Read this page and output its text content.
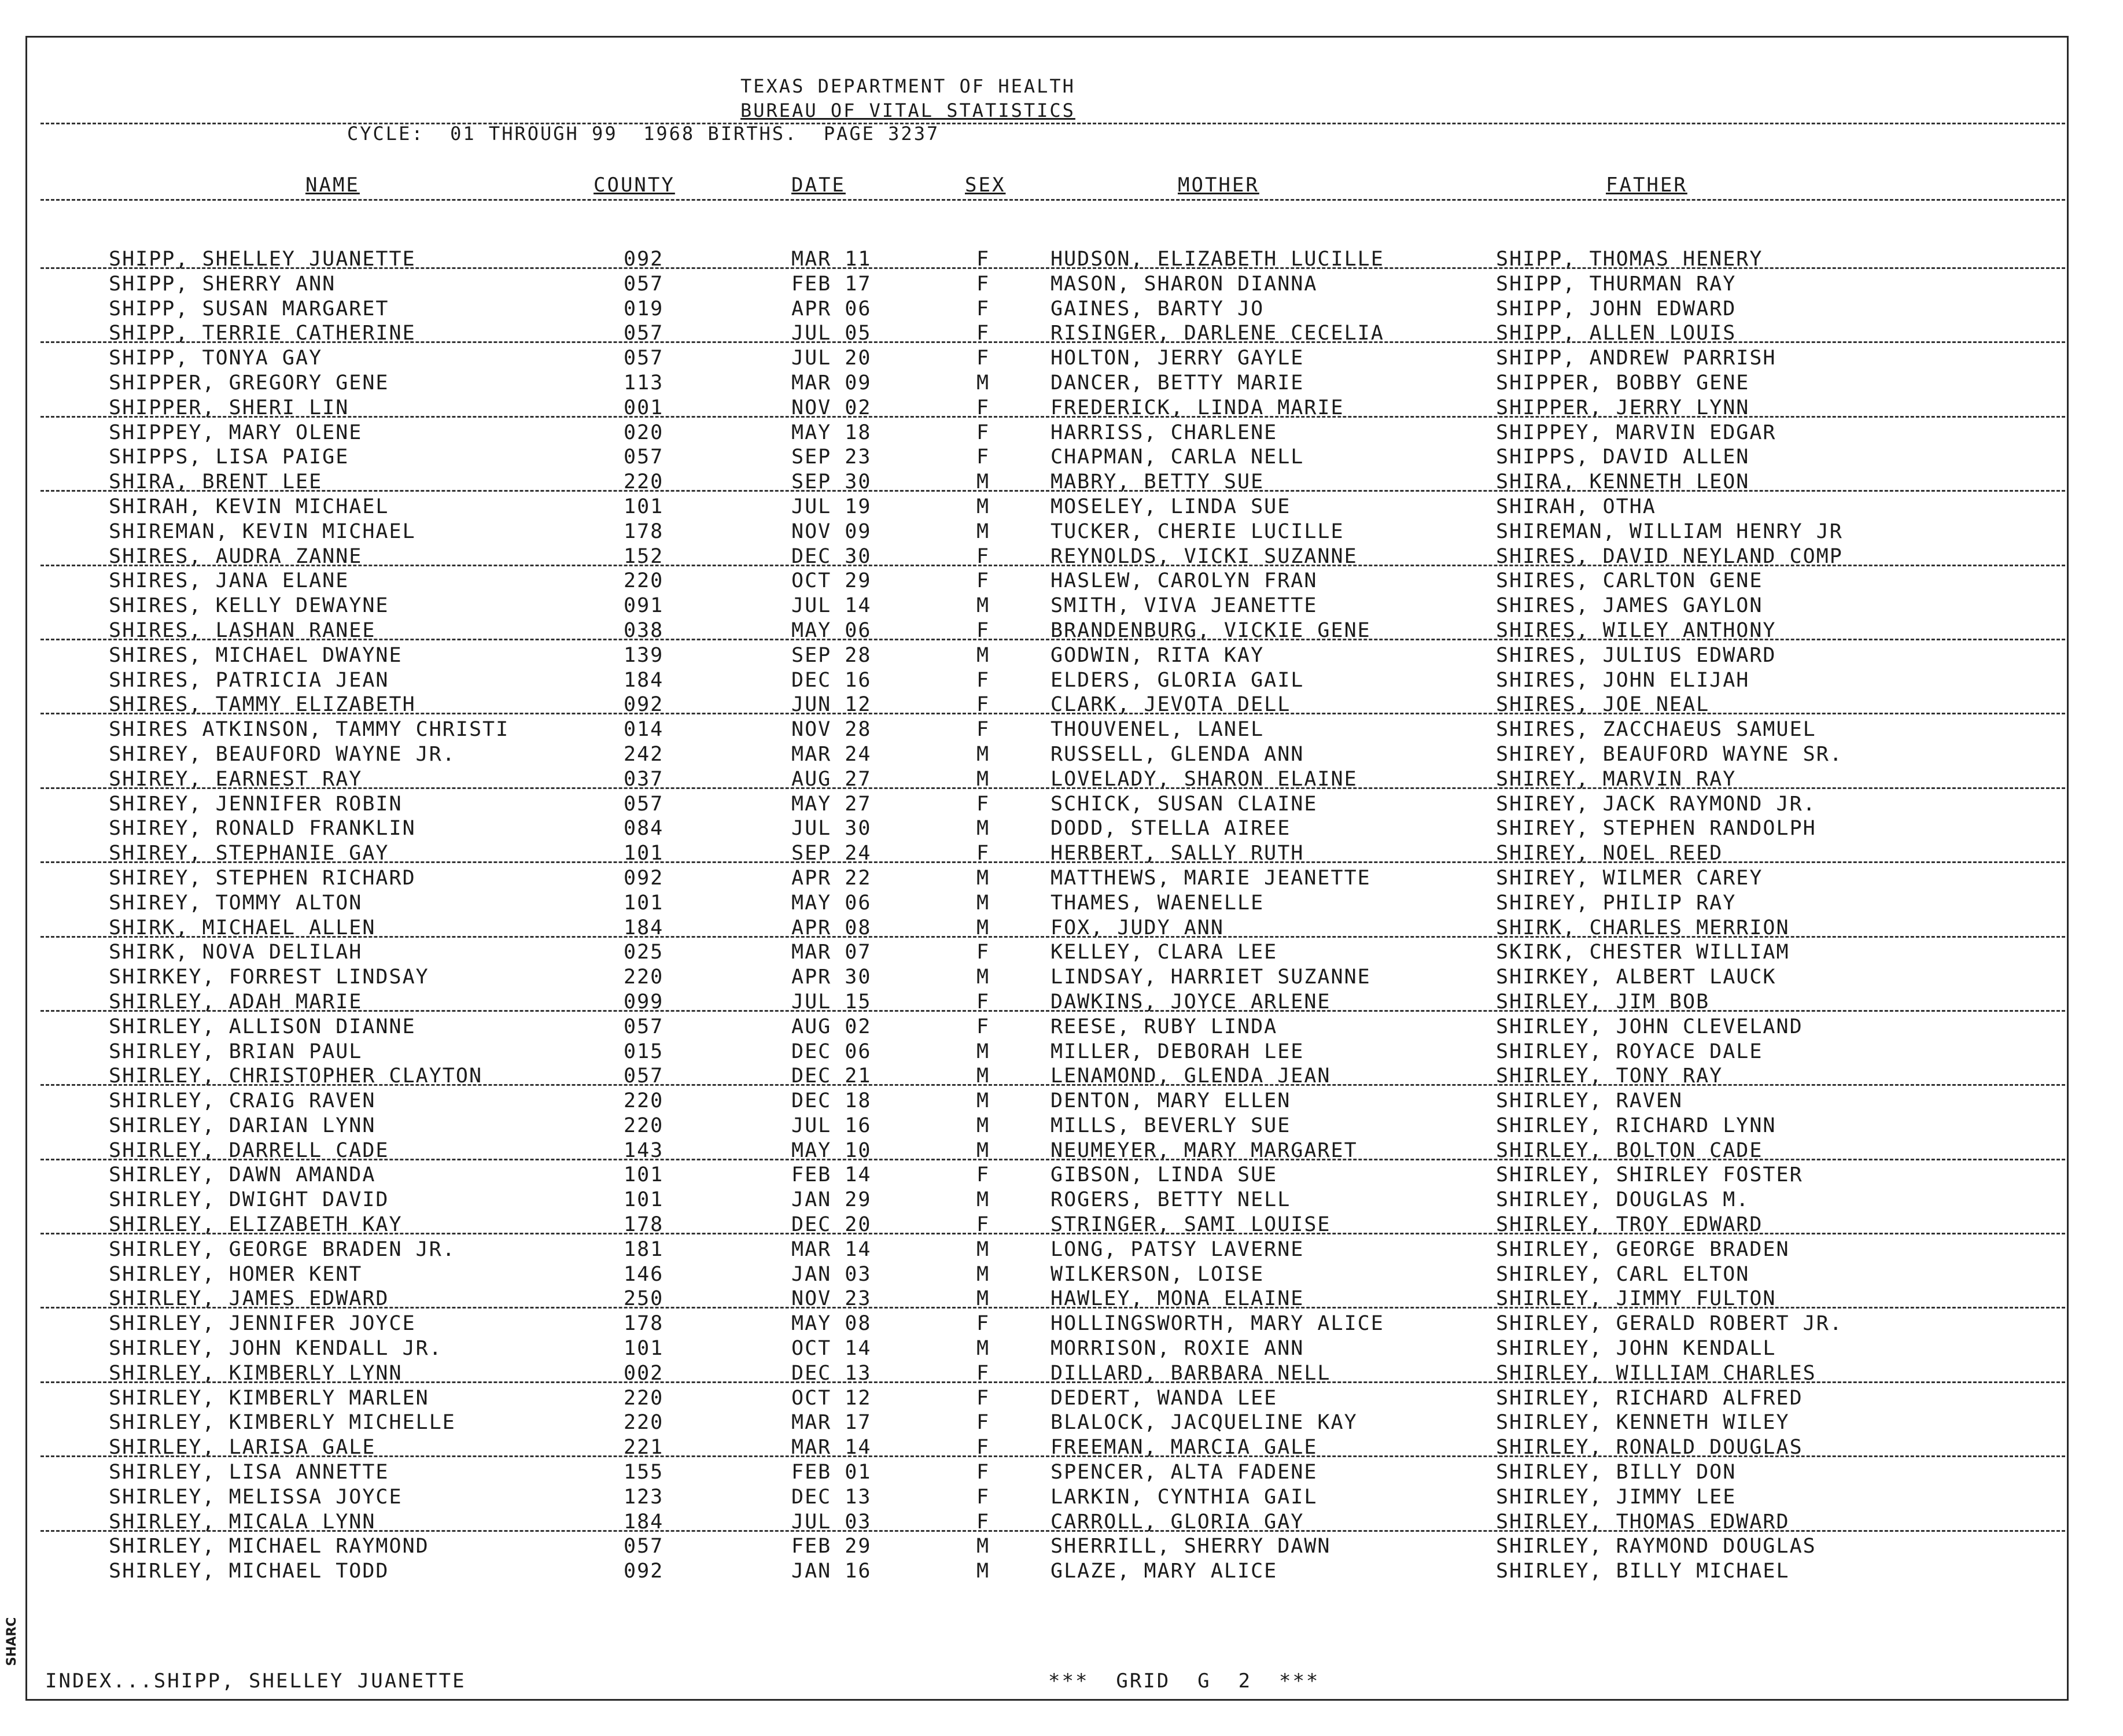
TEXAS DEPARTMENT OF HEALTH
BUREAU OF VITAL STATISTICS
CYCLE:  01 THROUGH 99  1968 BIRTHS.  PAGE 3237
NAME	COUNTY	DATE	SEX	MOTHER	FATHER
SHIPP, SHELLEY JUANETTE	092	MAR 11	F	HUDSON, ELIZABETH LUCILLE	SHIPP, THOMAS HENERY
SHIPP, SHERRY ANN	057	FEB 17	F	MASON, SHARON DIANNA	SHIPP, THURMAN RAY
SHIPP, SUSAN MARGARET	019	APR 06	F	GAINES, BARTY JO	SHIPP, JOHN EDWARD
SHIPP, TERRIE CATHERINE	057	JUL 05	F	RISINGER, DARLENE CECELIA	SHIPP, ALLEN LOUIS
SHIPP, TONYA GAY	057	JUL 20	F	HOLTON, JERRY GAYLE	SHIPP, ANDREW PARRISH
SHIPPER, GREGORY GENE	113	MAR 09	M	DANCER, BETTY MARIE	SHIPPER, BOBBY GENE
SHIPPER, SHERI LIN	001	NOV 02	F	FREDERICK, LINDA MARIE	SHIPPER, JERRY LYNN
SHIPPEY, MARY OLENE	020	MAY 18	F	HARRISS, CHARLENE	SHIPPEY, MARVIN EDGAR
SHIPPS, LISA PAIGE	057	SEP 23	F	CHAPMAN, CARLA NELL	SHIPPS, DAVID ALLEN
SHIRA, BRENT LEE	220	SEP 30	M	MABRY, BETTY SUE	SHIRA, KENNETH LEON
SHIRAH, KEVIN MICHAEL	101	JUL 19	M	MOSELEY, LINDA SUE	SHIRAH, OTHA
SHIREMAN, KEVIN MICHAEL	178	NOV 09	M	TUCKER, CHERIE LUCILLE	SHIREMAN, WILLIAM HENRY JR
SHIRES, AUDRA ZANNE	152	DEC 30	F	REYNOLDS, VICKI SUZANNE	SHIRES, DAVID NEYLAND COMP
SHIRES, JANA ELANE	220	OCT 29	F	HASLEW, CAROLYN FRAN	SHIRES, CARLTON GENE
SHIRES, KELLY DEWAYNE	091	JUL 14	M	SMITH, VIVA JEANETTE	SHIRES, JAMES GAYLON
SHIRES, LASHAN RANEE	038	MAY 06	F	BRANDENBURG, VICKIE GENE	SHIRES, WILEY ANTHONY
SHIRES, MICHAEL DWAYNE	139	SEP 28	M	GODWIN, RITA KAY	SHIRES, JULIUS EDWARD
SHIRES, PATRICIA JEAN	184	DEC 16	F	ELDERS, GLORIA GAIL	SHIRES, JOHN ELIJAH
SHIRES, TAMMY ELIZABETH	092	JUN 12	F	CLARK, JEVOTA DELL	SHIRES, JOE NEAL
SHIRES ATKINSON, TAMMY CHRISTI	014	NOV 28	F	THOUVENEL, LANEL	SHIRES, ZACCHAEUS SAMUEL
SHIREY, BEAUFORD WAYNE JR.	242	MAR 24	M	RUSSELL, GLENDA ANN	SHIREY, BEAUFORD WAYNE SR.
SHIREY, EARNEST RAY	037	AUG 27	M	LOVELADY, SHARON ELAINE	SHIREY, MARVIN RAY
SHIREY, JENNIFER ROBIN	057	MAY 27	F	SCHICK, SUSAN CLAINE	SHIREY, JACK RAYMOND JR.
SHIREY, RONALD FRANKLIN	084	JUL 30	M	DODD, STELLA AIREE	SHIREY, STEPHEN RANDOLPH
SHIREY, STEPHANIE GAY	101	SEP 24	F	HERBERT, SALLY RUTH	SHIREY, NOEL REED
SHIREY, STEPHEN RICHARD	092	APR 22	M	MATTHEWS, MARIE JEANETTE	SHIREY, WILMER CAREY
SHIREY, TOMMY ALTON	101	MAY 06	M	THAMES, WAENELLE	SHIREY, PHILIP RAY
SHIRK, MICHAEL ALLEN	184	APR 08	M	FOX, JUDY ANN	SHIRK, CHARLES MERRION
SHIRK, NOVA DELILAH	025	MAR 07	F	KELLEY, CLARA LEE	SKIRK, CHESTER WILLIAM
SHIRKEY, FORREST LINDSAY	220	APR 30	M	LINDSAY, HARRIET SUZANNE	SHIRKEY, ALBERT LAUCK
SHIRLEY, ADAH MARIE	099	JUL 15	F	DAWKINS, JOYCE ARLENE	SHIRLEY, JIM BOB
SHIRLEY, ALLISON DIANNE	057	AUG 02	F	REESE, RUBY LINDA	SHIRLEY, JOHN CLEVELAND
SHIRLEY, BRIAN PAUL	015	DEC 06	M	MILLER, DEBORAH LEE	SHIRLEY, ROYACE DALE
SHIRLEY, CHRISTOPHER CLAYTON	057	DEC 21	M	LENAMOND, GLENDA JEAN	SHIRLEY, TONY RAY
SHIRLEY, CRAIG RAVEN	220	DEC 18	M	DENTON, MARY ELLEN	SHIRLEY, RAVEN
SHIRLEY, DARIAN LYNN	220	JUL 16	M	MILLS, BEVERLY SUE	SHIRLEY, RICHARD LYNN
SHIRLEY, DARRELL CADE	143	MAY 10	M	NEUMEYER, MARY MARGARET	SHIRLEY, BOLTON CADE
SHIRLEY, DAWN AMANDA	101	FEB 14	F	GIBSON, LINDA SUE	SHIRLEY, SHIRLEY FOSTER
SHIRLEY, DWIGHT DAVID	101	JAN 29	M	ROGERS, BETTY NELL	SHIRLEY, DOUGLAS M.
SHIRLEY, ELIZABETH KAY	178	DEC 20	F	STRINGER, SAMI LOUISE	SHIRLEY, TROY EDWARD
SHIRLEY, GEORGE BRADEN JR.	181	MAR 14	M	LONG, PATSY LAVERNE	SHIRLEY, GEORGE BRADEN
SHIRLEY, HOMER KENT	146	JAN 03	M	WILKERSON, LOISE	SHIRLEY, CARL ELTON
SHIRLEY, JAMES EDWARD	250	NOV 23	M	HAWLEY, MONA ELAINE	SHIRLEY, JIMMY FULTON
SHIRLEY, JENNIFER JOYCE	178	MAY 08	F	HOLLINGSWORTH, MARY ALICE	SHIRLEY, GERALD ROBERT JR.
SHIRLEY, JOHN KENDALL JR.	101	OCT 14	M	MORRISON, ROXIE ANN	SHIRLEY, JOHN KENDALL
SHIRLEY, KIMBERLY LYNN	002	DEC 13	F	DILLARD, BARBARA NELL	SHIRLEY, WILLIAM CHARLES
SHIRLEY, KIMBERLY MARLEN	220	OCT 12	F	DEDERT, WANDA LEE	SHIRLEY, RICHARD ALFRED
SHIRLEY, KIMBERLY MICHELLE	220	MAR 17	F	BLALOCK, JACQUELINE KAY	SHIRLEY, KENNETH WILEY
SHIRLEY, LARISA GALE	221	MAR 14	F	FREEMAN, MARCIA GALE	SHIRLEY, RONALD DOUGLAS
SHIRLEY, LISA ANNETTE	155	FEB 01	F	SPENCER, ALTA FADENE	SHIRLEY, BILLY DON
SHIRLEY, MELISSA JOYCE	123	DEC 13	F	LARKIN, CYNTHIA GAIL	SHIRLEY, JIMMY LEE
SHIRLEY, MICALA LYNN	184	JUL 03	F	CARROLL, GLORIA GAY	SHIRLEY, THOMAS EDWARD
SHIRLEY, MICHAEL RAYMOND	057	FEB 29	M	SHERRILL, SHERRY DAWN	SHIRLEY, RAYMOND DOUGLAS
SHIRLEY, MICHAEL TODD	092	JAN 16	M	GLAZE, MARY ALICE	SHIRLEY, BILLY MICHAEL
INDEX...SHIPP, SHELLEY JUANETTE	***  GRID  G  2  ***
SHARC
